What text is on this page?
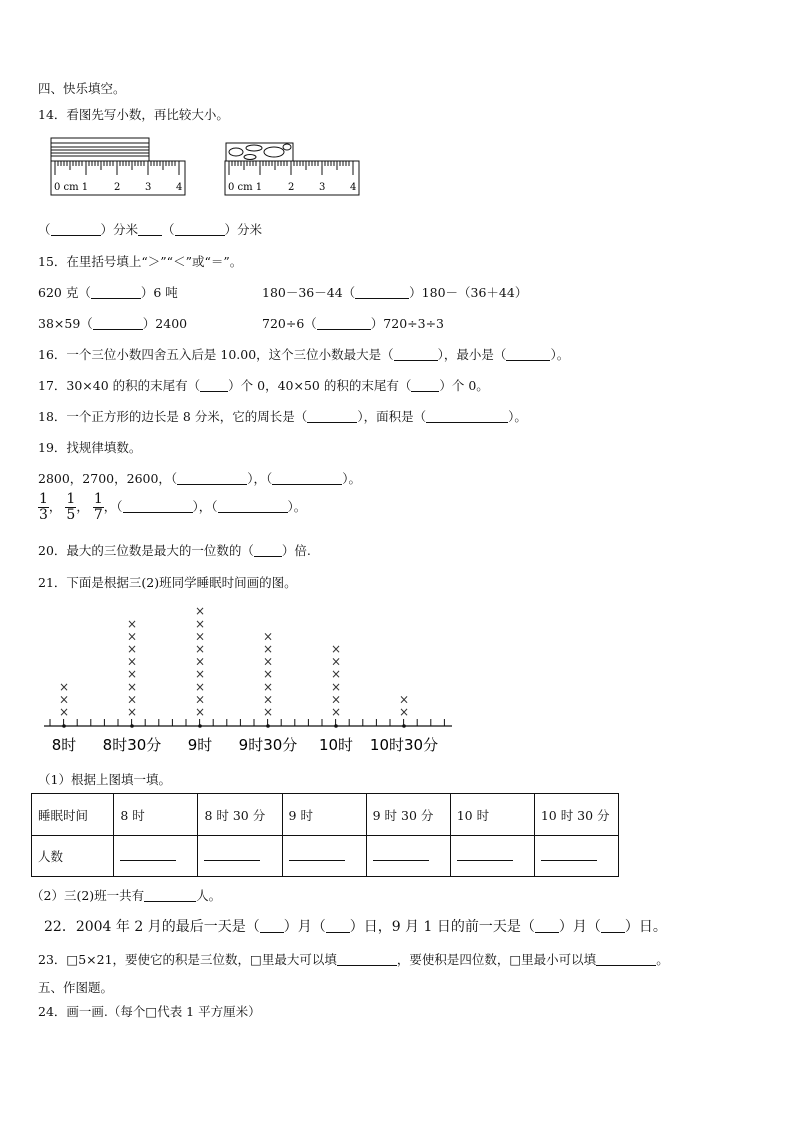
四、快乐填空。
14．看图先写小数，再比较大小。
0 cm 1	2 3 4	0 cm 1	2 3 4
（	）分米 （	）分米
15．在里括号填上“＞”“＜”或“＝”。
620 克（	）6 吨	180－36－44（	）180－（36＋44）
38×59（	）2400	720÷6（	）720÷3÷3
16．一个三位小数四舍五入后是 10.00，这个三位小数最大是（	），最小是（	）。
17．30×40 的积的末尾有（ ）个 0，40×50 的积的末尾有（ ）个 0。
18．一个正方形的边长是 8 分米，它的周长是（	），面积是（	）。
19．找规律填数。
2800，2700，2600，（	），（	）。
$\frac{1}{3}$ ， $\frac{1}{5}$ ， $\frac{1}{7}$ ，（	），（	）。
20．最大的三位数是最大的一位数的（ ）倍.
21．下面是根据三(2)班同学睡眠时间画的图。
8时
×
×
×
8时30分
×
×
×
×
×
×
×
×
9时
×
×
×
×
×
×
×
×
×
9时30分
×
×
×
×
×
×
×
10时
×
×
×
×
×
×
10时30分
×
×
（1）根据上图填一填。
睡眠时间	8 时	8 时 30 分	9 时	9 时 30 分	10 时	10 时 30 分
人数						
（2）三(2)班一共有	人。
22．2004 年 2 月的最后一天是（ ）月（ ）日，9 月 1 日的前一天是（ ）月（ ）日。
23．□5×21，要使它的积是三位数，□里最大可以填	，要使积是四位数，□里最小可以填	。
五、作图题。
24．画一画.（每个□代表 1 平方厘米）
